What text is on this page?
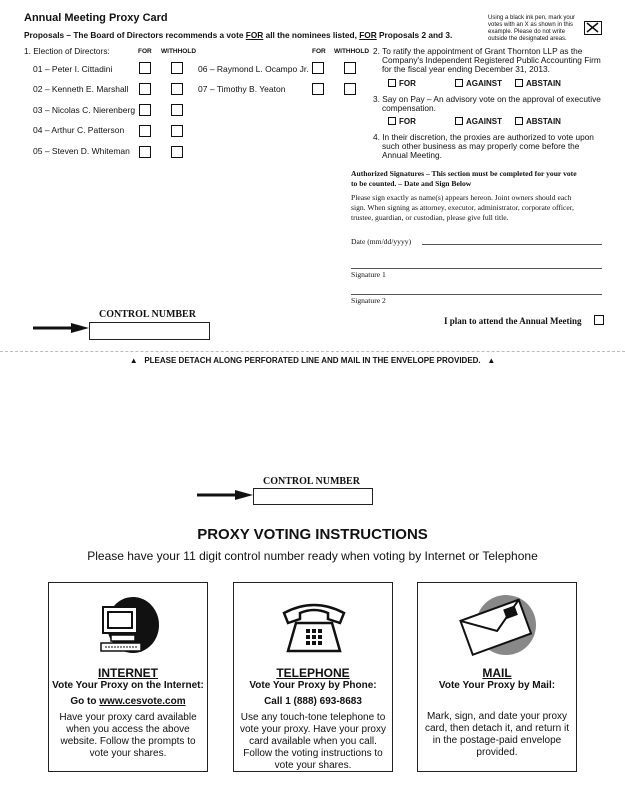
Annual Meeting Proxy Card
Proposals – The Board of Directors recommends a vote FOR all the nominees listed, FOR Proposals 2 and 3.
Using a black ink pen, mark your
votes with an X as shown in this
example. Please do not write
outside the designated areas.
1. Election of Directors:	FOR WITHHOLD	FOR WITHHOLD
01 – Peter I. Cittadini
02 – Kenneth E. Marshall
03 – Nicolas C. Nierenberg
04 – Arthur C. Patterson
05 – Steven D. Whiteman
06 – Raymond L. Ocampo Jr.
07 – Timothy B. Yeaton
2. To ratify the appointment of Grant Thornton LLP as the
Company's Independent Registered Public Accounting Firm
for the fiscal year ending December 31, 2013.
FOR	AGAINST	ABSTAIN
3. Say on Pay – An advisory vote on the approval of executive
compensation.
FOR	AGAINST	ABSTAIN
4. In their discretion, the proxies are authorized to vote upon
such other business as may properly come before the
Annual Meeting.
Authorized Signatures – This section must be completed for your vote
to be counted. – Date and Sign Below
Please sign exactly as name(s) appears hereon. Joint owners should each
sign. When signing as attorney, executor, administrator, corporate officer,
trustee, guardian, or custodian, please give full title.
Date (mm/dd/yyyy)
Signature 1
Signature 2
I plan to attend the Annual Meeting
CONTROL NUMBER
▲ PLEASE DETACH ALONG PERFORATED LINE AND MAIL IN THE ENVELOPE PROVIDED. ▲
CONTROL NUMBER
PROXY VOTING INSTRUCTIONS
Please have your 11 digit control number ready when voting by Internet or Telephone
INTERNET
Vote Your Proxy on the Internet:
Go to www.cesvote.com
Have your proxy card available
when you access the above
website. Follow the prompts to
vote your shares.
TELEPHONE
Vote Your Proxy by Phone:
Call 1 (888) 693-8683
Use any touch-tone telephone to
vote your proxy. Have your proxy
card available when you call.
Follow the voting instructions to
vote your shares.
MAIL
Vote Your Proxy by Mail:
Mark, sign, and date your proxy
card, then detach it, and return it
in the postage-paid envelope
provided.
